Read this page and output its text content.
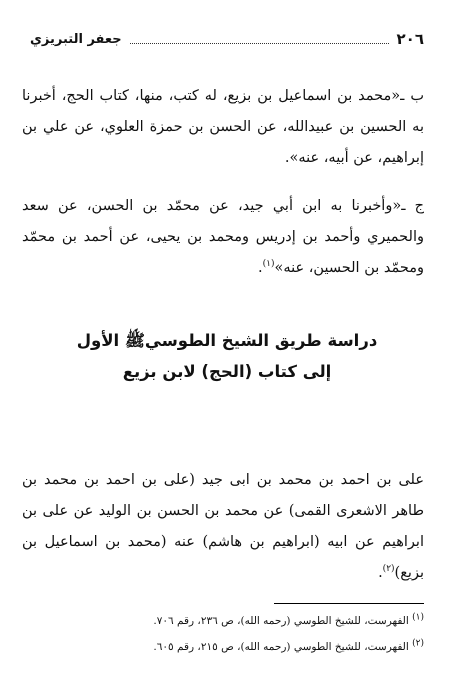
٢٠٦
جعفر التبريزي

ب ـ«محمد بن اسماعيل بن بزيع، له كتب، منها، كتاب الحج، أخبرنا به الحسين بن عبيدالله، عن الحسن بن حمزة العلوي، عن علي بن إبراهيم، عن أبيه، عنه».

ج ـ«وأخبرنا به ابن أبي جيد، عن محمّد بن الحسن، عن سعد والحميري وأحمد بن إدريس ومحمد بن يحيى، عن أحمد بن محمّد ومحمّد بن الحسين، عنه»$^{(١)}$.

دراسة طريق الشيخ الطوسيﷺ الأول
إلى كتاب (الحج) لابن بزيع

على بن احمد بن محمد بن ابى جيد (على بن احمد بن محمد بن طاهر الاشعرى القمى) عن محمد بن الحسن بن الوليد عن على بن ابراهيم عن ابيه (ابراهيم بن هاشم) عنه (محمد بن اسماعيل بن بزيع)$^{(٢)}$.

$^{(١)}$ الفهرست، للشيخ الطوسي (رحمه الله)، ص ٢٣٦، رقم ٧٠٦.
$^{(٢)}$ الفهرست، للشيخ الطوسي (رحمه الله)، ص ٢١٥، رقم ٦٠٥.
